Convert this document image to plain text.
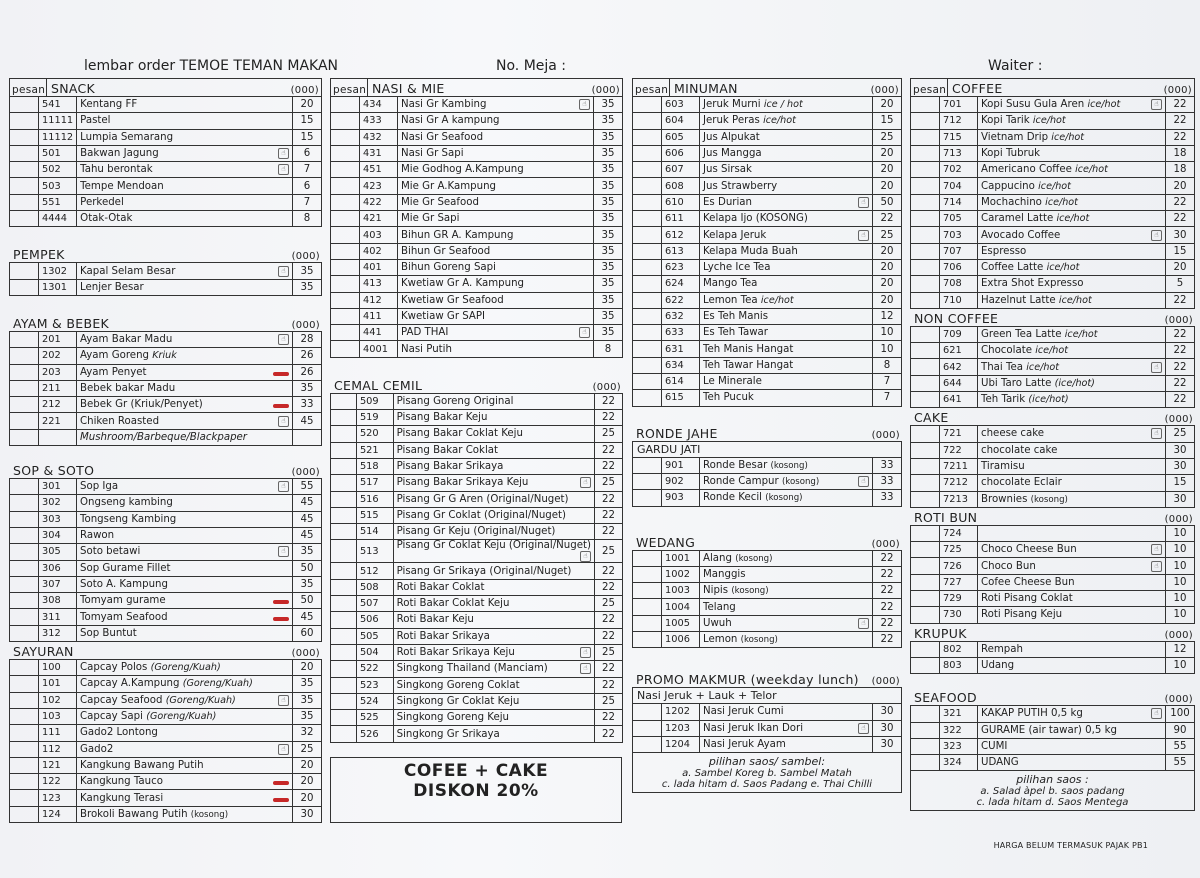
lembar order TEMOE TEMAN MAKAN	No. Meja :	Waiter :
pesan SNACK	(000)
	541	Kentang FF	20
	11111	Pastel	15
	11112	Lumpia Semarang	15
	501	Bakwan Jagung ☝	6
	502	Tahu berontak ☝	7
	503	Tempe Mendoan	6
	551	Perkedel	7
	4444	Otak-Otak	8
PEMPEK	(000)
	1302	Kapal Selam Besar ☝	35
	1301	Lenjer Besar	35
AYAM & BEBEK	(000)
	201	Ayam Bakar Madu ☝	28
	202	Ayam Goreng Kriuk	26
	203	Ayam Penyet	26
	211	Bebek bakar Madu	35
	212	Bebek Gr (Kriuk/Penyet)	33
	221	Chiken Roasted ☝	45
		Mushroom/Barbeque/Blackpaper	
SOP & SOTO	(000)
	301	Sop Iga ☝	55
	302	Ongseng kambing	45
	303	Tongseng Kambing	45
	304	Rawon	45
	305	Soto betawi ☝	35
	306	Sop Gurame Fillet	50
	307	Soto A. Kampung	35
	308	Tomyam gurame	50
	311	Tomyam Seafood	45
	312	Sop Buntut	60
SAYURAN	(000)
	100	Capcay Polos (Goreng/Kuah)	20
	101	Capcay A.Kampung (Goreng/Kuah)	35
	102	Capcay Seafood (Goreng/Kuah) ☝	35
	103	Capcay Sapi (Goreng/Kuah)	35
	111	Gado2 Lontong	32
	112	Gado2 ☝	25
	121	Kangkung Bawang Putih	20
	122	Kangkung Tauco	20
	123	Kangkung Terasi	20
	124	Brokoli Bawang Putih (kosong)	30
pesan NASI & MIE	(000)
	434	Nasi Gr Kambing ☝	35
	433	Nasi Gr A kampung	35
	432	Nasi Gr Seafood	35
	431	Nasi Gr Sapi	35
	451	Mie Godhog A.Kampung	35
	423	Mie Gr A.Kampung	35
	422	Mie Gr Seafood	35
	421	Mie Gr Sapi	35
	403	Bihun GR A. Kampung	35
	402	Bihun Gr Seafood	35
	401	Bihun Goreng Sapi	35
	413	Kwetiaw Gr A. Kampung	35
	412	Kwetiaw Gr Seafood	35
	411	Kwetiaw Gr SAPI	35
	441	PAD THAI ☝	35
	4001	Nasi Putih	8
CEMAL CEMIL	(000)
	509	Pisang Goreng Original	22
	519	Pisang Bakar Keju	22
	520	Pisang Bakar Coklat Keju	25
	521	Pisang Bakar Coklat	22
	518	Pisang Bakar Srikaya	22
	517	Pisang Bakar Srikaya Keju ☝	25
	516	Pisang Gr G Aren (Original/Nuget)	22
	515	Pisang Gr Coklat (Original/Nuget)	22
	514	Pisang Gr Keju (Original/Nuget)	22
	513	Pisang Gr Coklat Keju (Original/Nuget)
☝	25
	512	Pisang Gr Srikaya (Original/Nuget)	22
	508	Roti Bakar Coklat	22
	507	Roti Bakar Coklat Keju	25
	506	Roti Bakar Keju	22
	505	Roti Bakar Srikaya	22
	504	Roti Bakar Srikaya Keju ☝	25
	522	Singkong Thailand (Manciam) ☝	22
	523	Singkong Goreng Coklat	22
	524	Singkong Gr Coklat Keju	25
	525	Singkong Goreng Keju	22
	526	Singkong Gr Srikaya	22
COFEE + CAKE
DISKON 20%
pesan MINUMAN	(000)
	603	Jeruk Murni ice / hot	20
	604	Jeruk Peras ice/hot	15
	605	Jus Alpukat	25
	606	Jus Mangga	20
	607	Jus Sirsak	20
	608	Jus Strawberry	20
	610	Es Durian ☝	50
	611	Kelapa Ijo (KOSONG)	22
	612	Kelapa Jeruk ☝	25
	613	Kelapa Muda Buah	20
	623	Lyche Ice Tea	20
	624	Mango Tea	20
	622	Lemon Tea ice/hot	20
	632	Es Teh Manis	12
	633	Es Teh Tawar	10
	631	Teh Manis Hangat	10
	634	Teh Tawar Hangat	8
	614	Le Minerale	7
	615	Teh Pucuk	7
RONDE JAHE	(000)
GARDU JATI
	901	Ronde Besar (kosong)	33
	902	Ronde Campur (kosong) ☝	33
	903	Ronde Kecil (kosong)	33
WEDANG	(000)
	1001	Alang (kosong)	22
	1002	Manggis	22
	1003	Nipis (kosong)	22
	1004	Telang	22
	1005	Uwuh ☝	22
	1006	Lemon (kosong)	22
PROMO MAKMUR (weekday lunch)	(000)
Nasi Jeruk + Lauk + Telor
	1202	Nasi Jeruk Cumi	30
	1203	Nasi Jeruk Ikan Dori ☝	30
	1204	Nasi Jeruk Ayam	30
pilihan saos/ sambel:
a. Sambel Koreg b. Sambel Matah
c. lada hitam d. Saos Padang e. Thai Chilli
pesan COFFEE	(000)
	701	Kopi Susu Gula Aren ice/hot ☝	22
	712	Kopi Tarik ice/hot	22
	715	Vietnam Drip ice/hot	22
	713	Kopi Tubruk	18
	702	Americano Coffee ice/hot	18
	704	Cappucino ice/hot	20
	714	Mochachino ice/hot	22
	705	Caramel Latte ice/hot	22
	703	Avocado Coffee ☝	30
	707	Espresso	15
	706	Coffee Latte ice/hot	20
	708	Extra Shot Expresso	5
	710	Hazelnut Latte ice/hot	22
NON COFFEE	(000)
	709	Green Tea Latte ice/hot	22
	621	Chocolate ice/hot	22
	642	Thai Tea ice/hot ☝	22
	644	Ubi Taro Latte (ice/hot)	22
	641	Teh Tarik (ice/hot)	22
CAKE	(000)
	721	cheese cake ☝	25
	722	chocolate cake	30
	7211	Tiramisu	30
	7212	chocolate Eclair	15
	7213	Brownies (kosong)	30
ROTI BUN	(000)
	724		10
	725	Choco Cheese Bun ☝	10
	726	Choco Bun ☝	10
	727	Cofee Cheese Bun	10
	729	Roti Pisang Coklat	10
	730	Roti Pisang Keju	10
KRUPUK	(000)
	802	Rempah	12
	803	Udang	10
SEAFOOD	(000)
	321	KAKAP PUTIH 0,5 kg ☝	100
	322	GURAME (air tawar) 0,5 kg	90
	323	CUMI	55
	324	UDANG	55
pilihan saos :
a. Salad àpel b. saos padang
c. lada hitam d. Saos Mentega
HARGA BELUM TERMASUK PAJAK PB1
